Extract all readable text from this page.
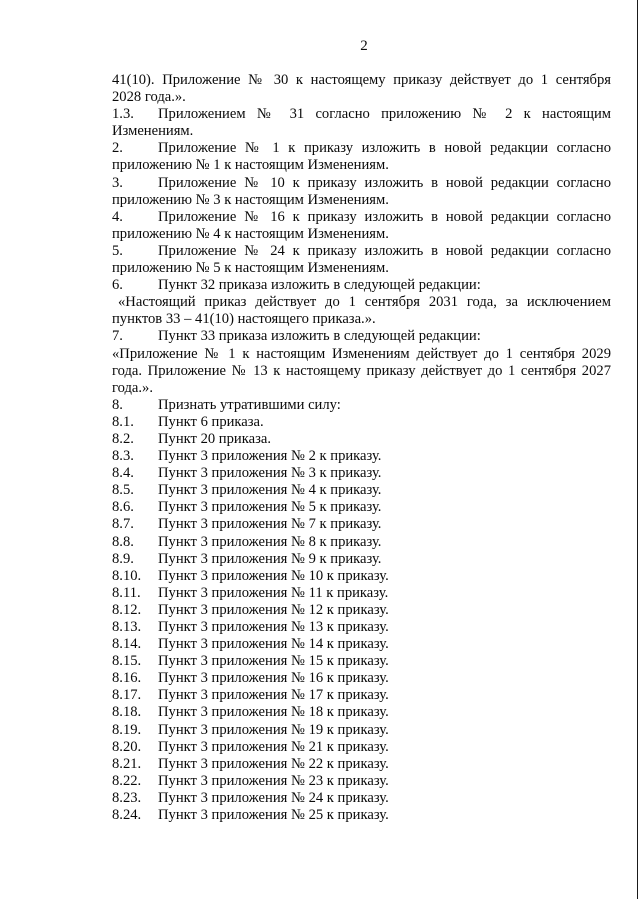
2
41(10). Приложение № 30 к настоящему приказу действует до 1 сентября
2028 года.».
1.3.	Приложением № 31 согласно приложению № 2 к настоящим
Изменениям.
2.	Приложение № 1 к приказу изложить в новой редакции согласно
приложению № 1 к настоящим Изменениям.
3.	Приложение № 10 к приказу изложить в новой редакции согласно
приложению № 3 к настоящим Изменениям.
4.	Приложение № 16 к приказу изложить в новой редакции согласно
приложению № 4 к настоящим Изменениям.
5.	Приложение № 24 к приказу изложить в новой редакции согласно
приложению № 5 к настоящим Изменениям.
6.	Пункт 32 приказа изложить в следующей редакции:
«Настоящий приказ действует до 1 сентября 2031 года, за исключением
пунктов 33 – 41(10) настоящего приказа.».
7.	Пункт 33 приказа изложить в следующей редакции:
«Приложение № 1 к настоящим Изменениям действует до 1 сентября 2029
года. Приложение № 13 к настоящему приказу действует до 1 сентября 2027
года.».
8.	Признать утратившими силу:
8.1.	Пункт 6 приказа.
8.2.	Пункт 20 приказа.
8.3.	Пункт 3 приложения № 2 к приказу.
8.4.	Пункт 3 приложения № 3 к приказу.
8.5.	Пункт 3 приложения № 4 к приказу.
8.6.	Пункт 3 приложения № 5 к приказу.
8.7.	Пункт 3 приложения № 7 к приказу.
8.8.	Пункт 3 приложения № 8 к приказу.
8.9.	Пункт 3 приложения № 9 к приказу.
8.10.	Пункт 3 приложения № 10 к приказу.
8.11.	Пункт 3 приложения № 11 к приказу.
8.12.	Пункт 3 приложения № 12 к приказу.
8.13.	Пункт 3 приложения № 13 к приказу.
8.14.	Пункт 3 приложения № 14 к приказу.
8.15.	Пункт 3 приложения № 15 к приказу.
8.16.	Пункт 3 приложения № 16 к приказу.
8.17.	Пункт 3 приложения № 17 к приказу.
8.18.	Пункт 3 приложения № 18 к приказу.
8.19.	Пункт 3 приложения № 19 к приказу.
8.20.	Пункт 3 приложения № 21 к приказу.
8.21.	Пункт 3 приложения № 22 к приказу.
8.22.	Пункт 3 приложения № 23 к приказу.
8.23.	Пункт 3 приложения № 24 к приказу.
8.24.	Пункт 3 приложения № 25 к приказу.
